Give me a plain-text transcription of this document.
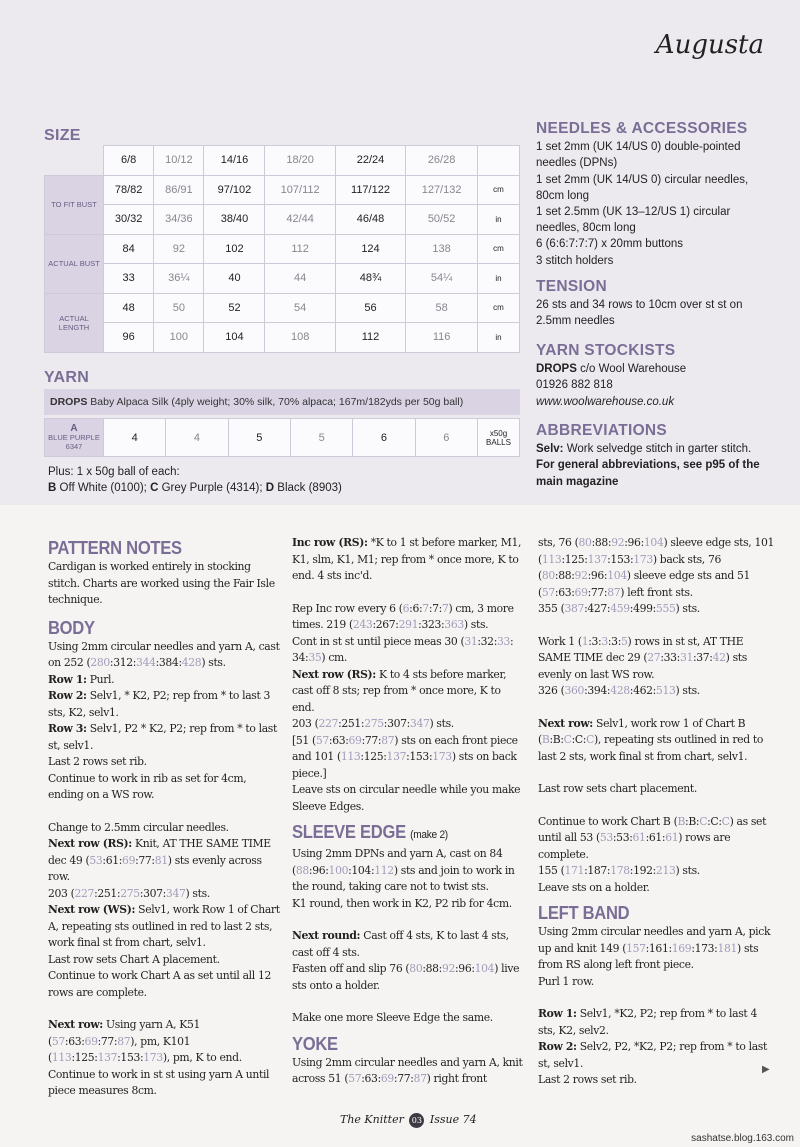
Augusta
SIZE
	6/8	10/12	14/16	18/20	22/24	26/28	
TO FIT BUST	78/82	86/91	97/102	107/112	117/122	127/132	cm
	30/32	34/36	38/40	42/44	46/48	50/52	in
ACTUAL BUST	84	92	102	112	124	138	cm
	33	36¼	40	44	48¾	54¼	in
ACTUAL LENGTH	48	50	52	54	56	58	cm
	96	100	104	108	112	116	in
YARN
DROPS Baby Alpaca Silk (4ply weight; 30% silk, 70% alpaca; 167m/182yds per 50g ball)
A
BLUE PURPLE
6347	4	4	5	5	6	6	x50g
BALLS
Plus: 1 x 50g ball of each:
B Off White (0100); C Grey Purple (4314); D Black (8903)
NEEDLES & ACCESSORIES
1 set 2mm (UK 14/US 0) double-pointed needles (DPNs)
1 set 2mm (UK 14/US 0) circular needles, 80cm long
1 set 2.5mm (UK 13–12/US 1) circular needles, 80cm long
6 (6:6:7:7:7) x 20mm buttons
3 stitch holders
TENSION
26 sts and 34 rows to 10cm over st st on 2.5mm needles
YARN STOCKISTS
DROPS c/o Wool Warehouse
01926 882 818
www.woolwarehouse.co.uk
ABBREVIATIONS
Selv: Work selvedge stitch in garter stitch.
For general abbreviations, see p95 of the main magazine
PATTERN NOTES

Cardigan is worked entirely in stocking stitch. Charts are worked using the Fair Isle technique.

BODY

Using 2mm circular needles and yarn A, cast on 252 (280:312:344:384:428) sts.
Row 1: Purl.
Row 2: Selv1, * K2, P2; rep from * to last 3 sts, K2, selv1.
Row 3: Selv1, P2 * K2, P2; rep from * to last st, selv1.
Last 2 rows set rib.
Continue to work in rib as set for 4cm, ending on a WS row.

Change to 2.5mm circular needles.
Next row (RS): Knit, AT THE SAME TIME dec 49 (53:61:69:77:81) sts evenly across row.
203 (227:251:275:307:347) sts.
Next row (WS): Selv1, work Row 1 of Chart A, repeating sts outlined in red to last 2 sts, work final st from chart, selv1.
Last row sets Chart A placement.
Continue to work Chart A as set until all 12 rows are complete.

Next row: Using yarn A, K51 (57:63:69:77:87), pm, K101 (113:125:137:153:173), pm, K to end.
Continue to work in st st using yarn A until piece measures 8cm.

Inc row (RS): *K to 1 st before marker, M1, K1, slm, K1, M1; rep from * once more, K to end. 4 sts inc'd.

Rep Inc row every 6 (6:6:7:7:7) cm, 3 more times. 219 (243:267:291:323:363) sts.
Cont in st st until piece meas 30 (31:32:33: 34:35) cm.
Next row (RS): K to 4 sts before marker, cast off 8 sts; rep from * once more, K to end.
203 (227:251:275:307:347) sts.
[51 (57:63:69:77:87) sts on each front piece and 101 (113:125:137:153:173) sts on back piece.]
Leave sts on circular needle while you make Sleeve Edges.

SLEEVE EDGE (make 2)

Using 2mm DPNs and yarn A, cast on 84 (88:96:100:104:112) sts and join to work in the round, taking care not to twist sts.
K1 round, then work in K2, P2 rib for 4cm.

Next round: Cast off 4 sts, K to last 4 sts, cast off 4 sts.
Fasten off and slip 76 (80:88:92:96:104) live sts onto a holder.

Make one more Sleeve Edge the same.

YOKE

Using 2mm circular needles and yarn A, knit across 51 (57:63:69:77:87) right front

sts, 76 (80:88:92:96:104) sleeve edge sts, 101 (113:125:137:153:173) back sts, 76 (80:88:92:96:104) sleeve edge sts and 51 (57:63:69:77:87) left front sts.
355 (387:427:459:499:555) sts.

Work 1 (1:3:3:3:5) rows in st st, AT THE SAME TIME dec 29 (27:33:31:37:42) sts evenly on last WS row.
326 (360:394:428:462:513) sts.

Next row: Selv1, work row 1 of Chart B (B:B:C:C:C), repeating sts outlined in red to last 2 sts, work final st from chart, selv1.

Last row sets chart placement.

Continue to work Chart B (B:B:C:C:C) as set until all 53 (53:53:61:61:61) rows are complete.
155 (171:187:178:192:213) sts.
Leave sts on a holder.

LEFT BAND

Using 2mm circular needles and yarn A, pick up and knit 149 (157:161:169:173:181) sts from RS along left front piece.
Purl 1 row.

Row 1: Selv1, *K2, P2; rep from * to last 4 sts, K2, selv2.
Row 2: Selv2, P2, *K2, P2; rep from * to last st, selv1.
Last 2 rows set rib.

▶
The Knitter 03 Issue 74
sashatse.blog.163.com
